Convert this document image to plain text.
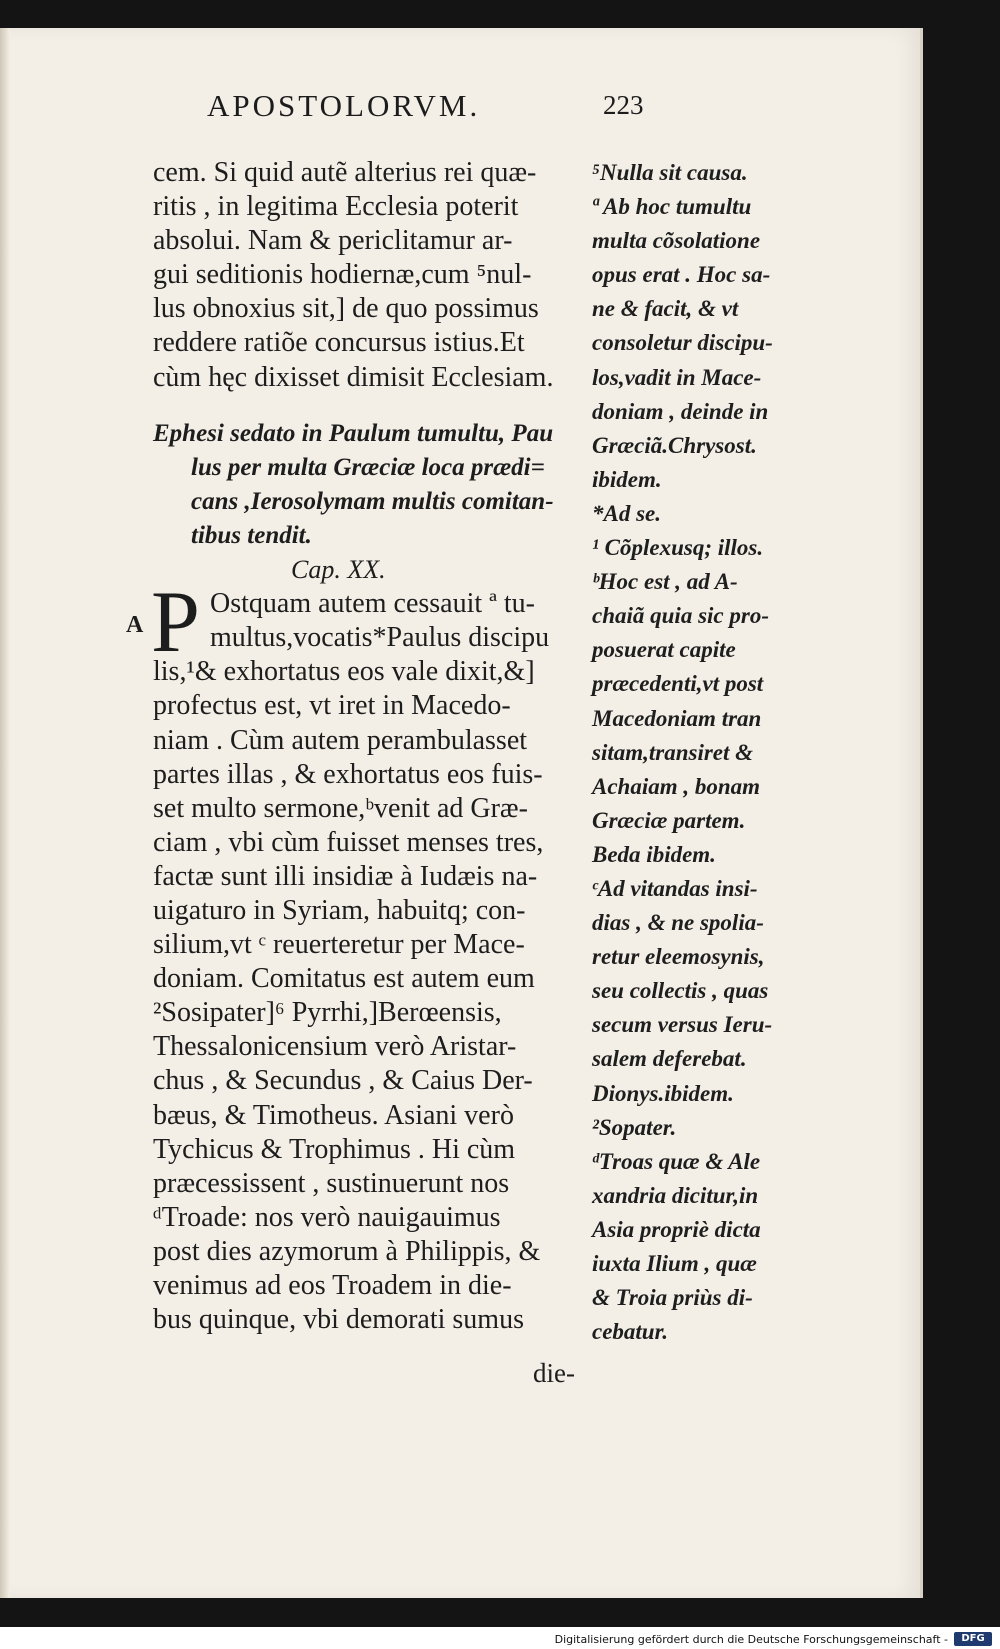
APOSTOLORVM.	223
cem. Si quid autẽ alterius rei quæ-
ritis , in legitima Ecclesia poterit
absolui. Nam & periclitamur ar-
gui seditionis hodiernæ,cum ⁵nul-
lus obnoxius sit,] de quo possimus
reddere ratiõe concursus istius.Et
cùm hęc dixisset dimisit Ecclesiam.
Ephesi sedato in Paulum tumultu, Pau
lus per multa Græciæ loca prædi=
cans ,Ierosolymam multis comitan-
tibus tendit.
Cap. XX.
P Ostquam autem cessauit ª tu-
multus,vocatis*Paulus discipu
lis,¹& exhortatus eos vale dixit,&]
profectus est, vt iret in Macedo-
niam . Cùm autem perambulasset
partes illas , & exhortatus eos fuis-
set multo sermone,ᵇvenit ad Græ-
ciam , vbi cùm fuisset menses tres,
factæ sunt illi insidiæ à Iudæis na-
uigaturo in Syriam, habuitq; con-
silium,vt ᶜ reuerteretur per Mace-
doniam. Comitatus est autem eum
²Sosipater]⁶ Pyrrhi,]Berœensis,
Thessalonicensium verò Aristar-
chus , & Secundus , & Caius Der-
bæus, & Timotheus. Asiani verò
Tychicus & Trophimus . Hi cùm
præcessissent , sustinuerunt nos
ᵈTroade: nos verò nauigauimus
post dies azymorum à Philippis, &
venimus ad eos Troadem in die-
bus quinque, vbi demorati sumus
A
⁵Nulla sit causa.
ª Ab hoc tumultu
multa cõsolatione
opus erat . Hoc sa-
ne & facit, & vt
consoletur discipu-
los,vadit in Mace-
doniam , deinde in
Græciã.Chrysost.
ibidem.
*Ad se.
¹ Cõplexusq; illos.
ᵇHoc est , ad A-
chaiã quia sic pro-
posuerat capite
præcedenti,vt post
Macedoniam tran
sitam,transiret &
Achaiam , bonam
Græciæ partem.
Beda ibidem.
ᶜAd vitandas insi-
dias , & ne spolia-
retur eleemosynis,
seu collectis , quas
secum versus Ieru-
salem deferebat.
Dionys.ibidem.
²Sopater.
ᵈTroas quæ & Ale
xandria dicitur,in
Asia propriè dicta
iuxta Ilium , quæ
& Troia priùs di-
cebatur.
die-
Digitalisierung gefördert durch die Deutsche Forschungsgemeinschaft -	DFG
